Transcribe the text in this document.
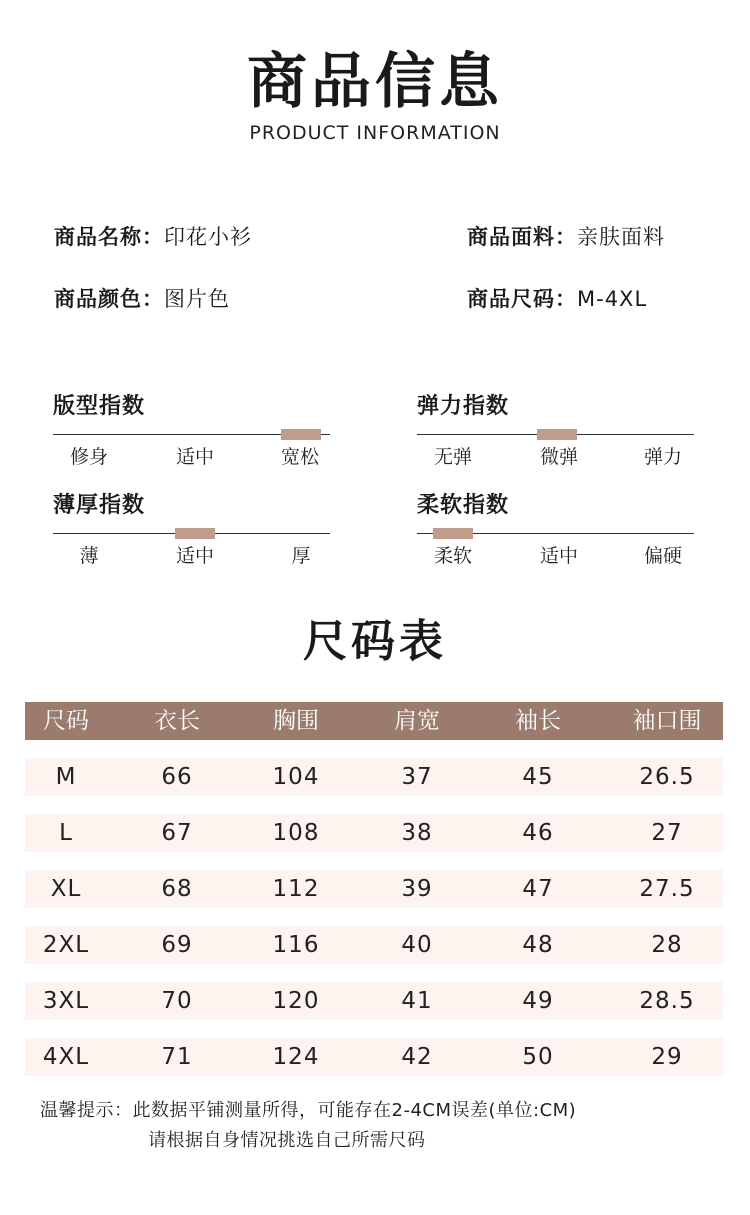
商品信息
PRODUCT INFORMATION
商品名称：印花小衫	商品面料：亲肤面料
商品颜色：图片色	商品尺码：M-4XL
版型指数
修身	适中	宽松
弹力指数
无弹	微弹	弹力
薄厚指数
薄	适中	厚
柔软指数
柔软	适中	偏硬
尺码表
尺码	衣长	胸围	肩宽	袖长	袖口围
M	66	104	37	45	26.5
L	67	108	38	46	27
XL	68	112	39	47	27.5
2XL	69	116	40	48	28
3XL	70	120	41	49	28.5
4XL	71	124	42	50	29
温馨提示：此数据平铺测量所得，可能存在2-4CM误差(单位:CM)
请根据自身情况挑选自己所需尺码
